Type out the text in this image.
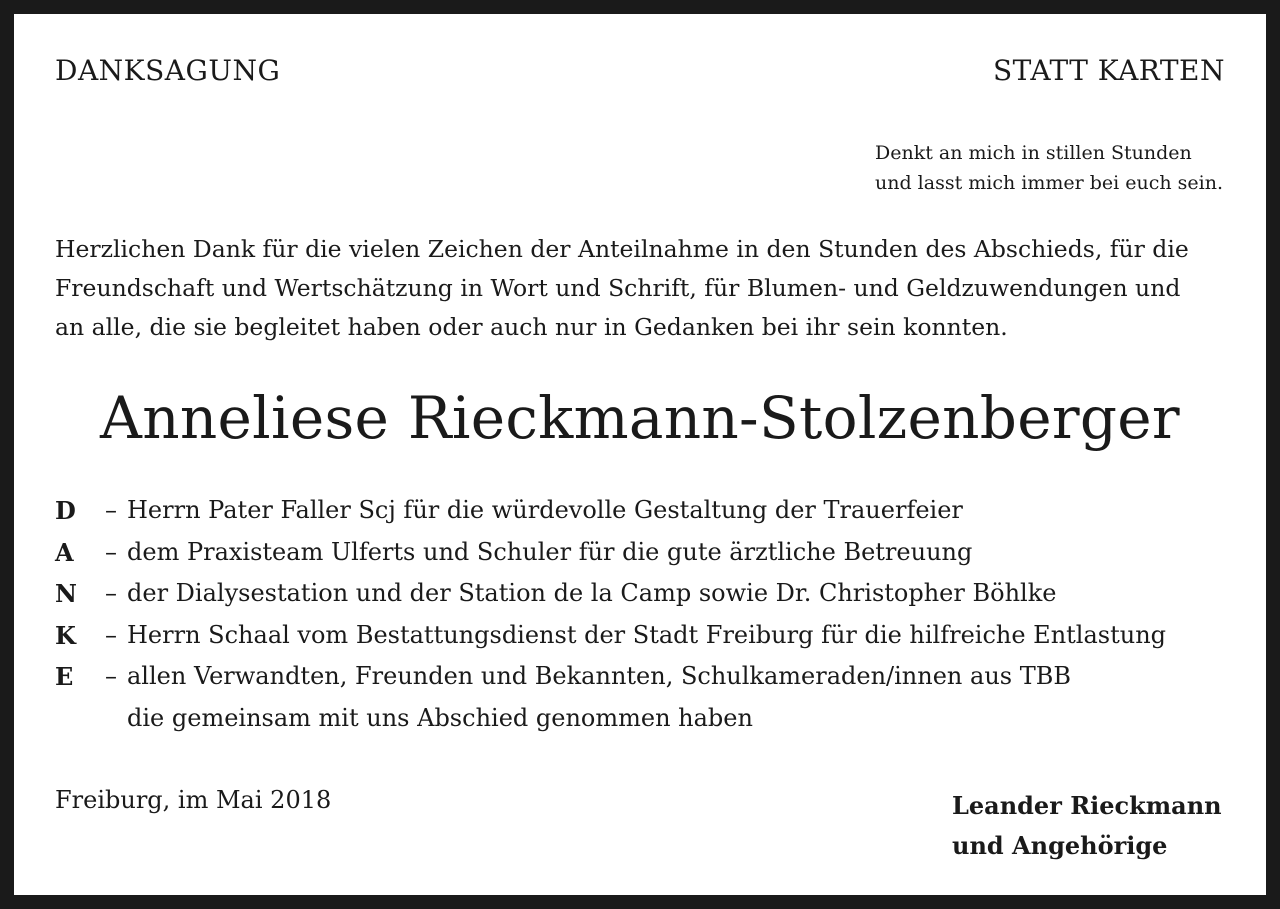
DANKSAGUNG	STATT KARTEN
Denkt an mich in stillen Stunden
und lasst mich immer bei euch sein.
Herzlichen Dank für die vielen Zeichen der Anteilnahme in den Stunden des Abschieds, für die
Freundschaft und Wertschätzung in Wort und Schrift, für Blumen- und Geldzuwendungen und
an alle, die sie begleitet haben oder auch nur in Gedanken bei ihr sein konnten.
Anneliese Rieckmann-Stolzenberger
D	– Herrn Pater Faller Scj für die würdevolle Gestaltung der Trauerfeier
A	– dem Praxisteam Ulferts und Schuler für die gute ärztliche Betreuung
N	– der Dialysestation und der Station de la Camp sowie Dr. Christopher Böhlke
K	– Herrn Schaal vom Bestattungsdienst der Stadt Freiburg für die hilfreiche Entlastung
E	– allen Verwandten, Freunden und Bekannten, Schulkameraden/innen aus TBB
die gemeinsam mit uns Abschied genommen haben
Freiburg, im Mai 2018	Leander Rieckmann
und Angehörige
